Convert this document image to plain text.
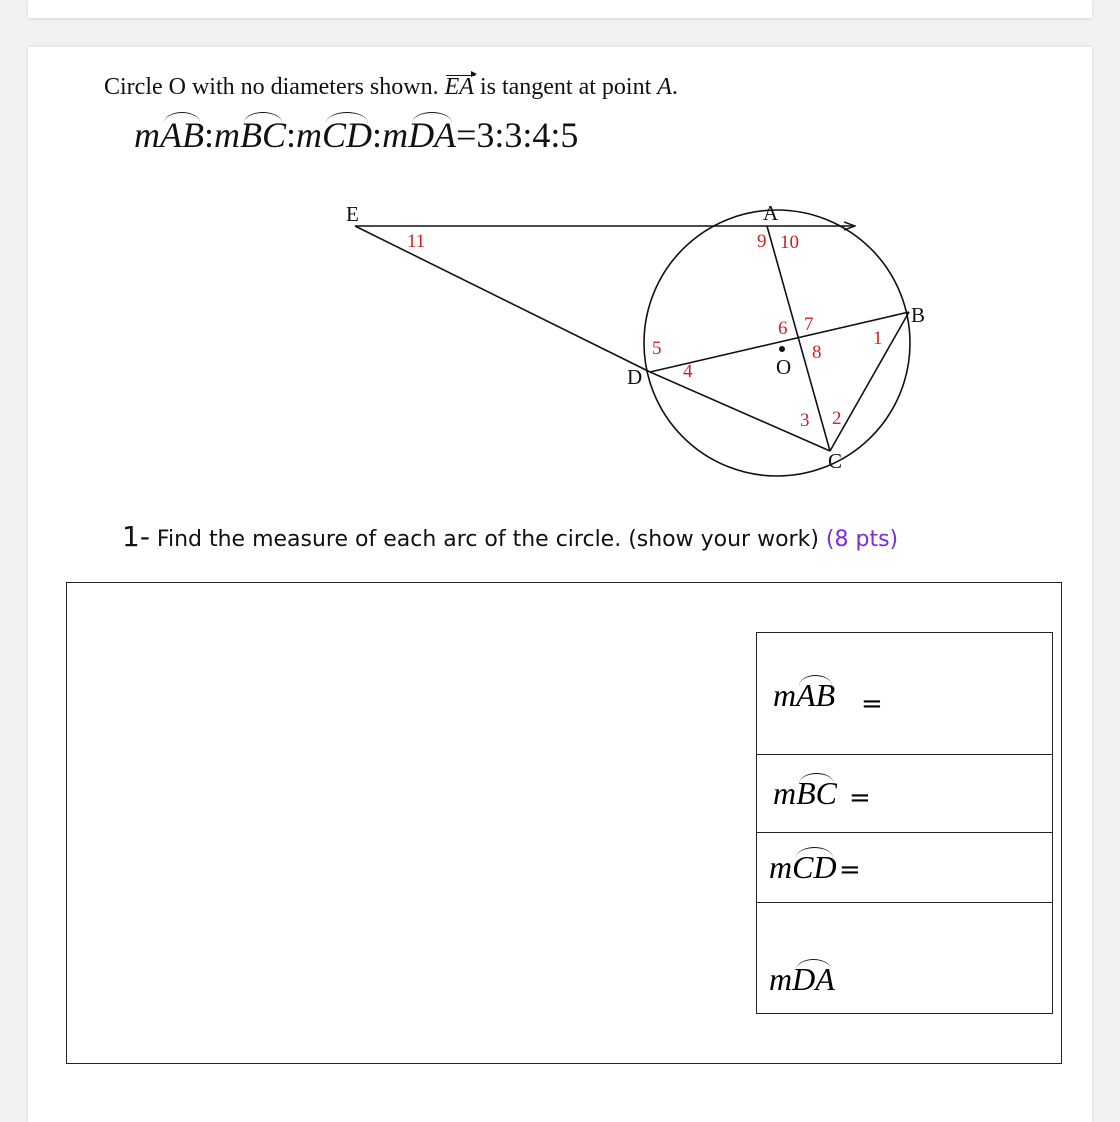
Circle O with no diameters shown. EA is tangent at point A.
mAB:mBC:mCD:mDA=3:3:4:5
E	A
B
D
C
O
1
2
3
4
5
6 7
8
9 10
11
1- Find the measure of each arc of the circle. (show your work) (8 pts)
mAB =
mBC =
mCD =
mDA
